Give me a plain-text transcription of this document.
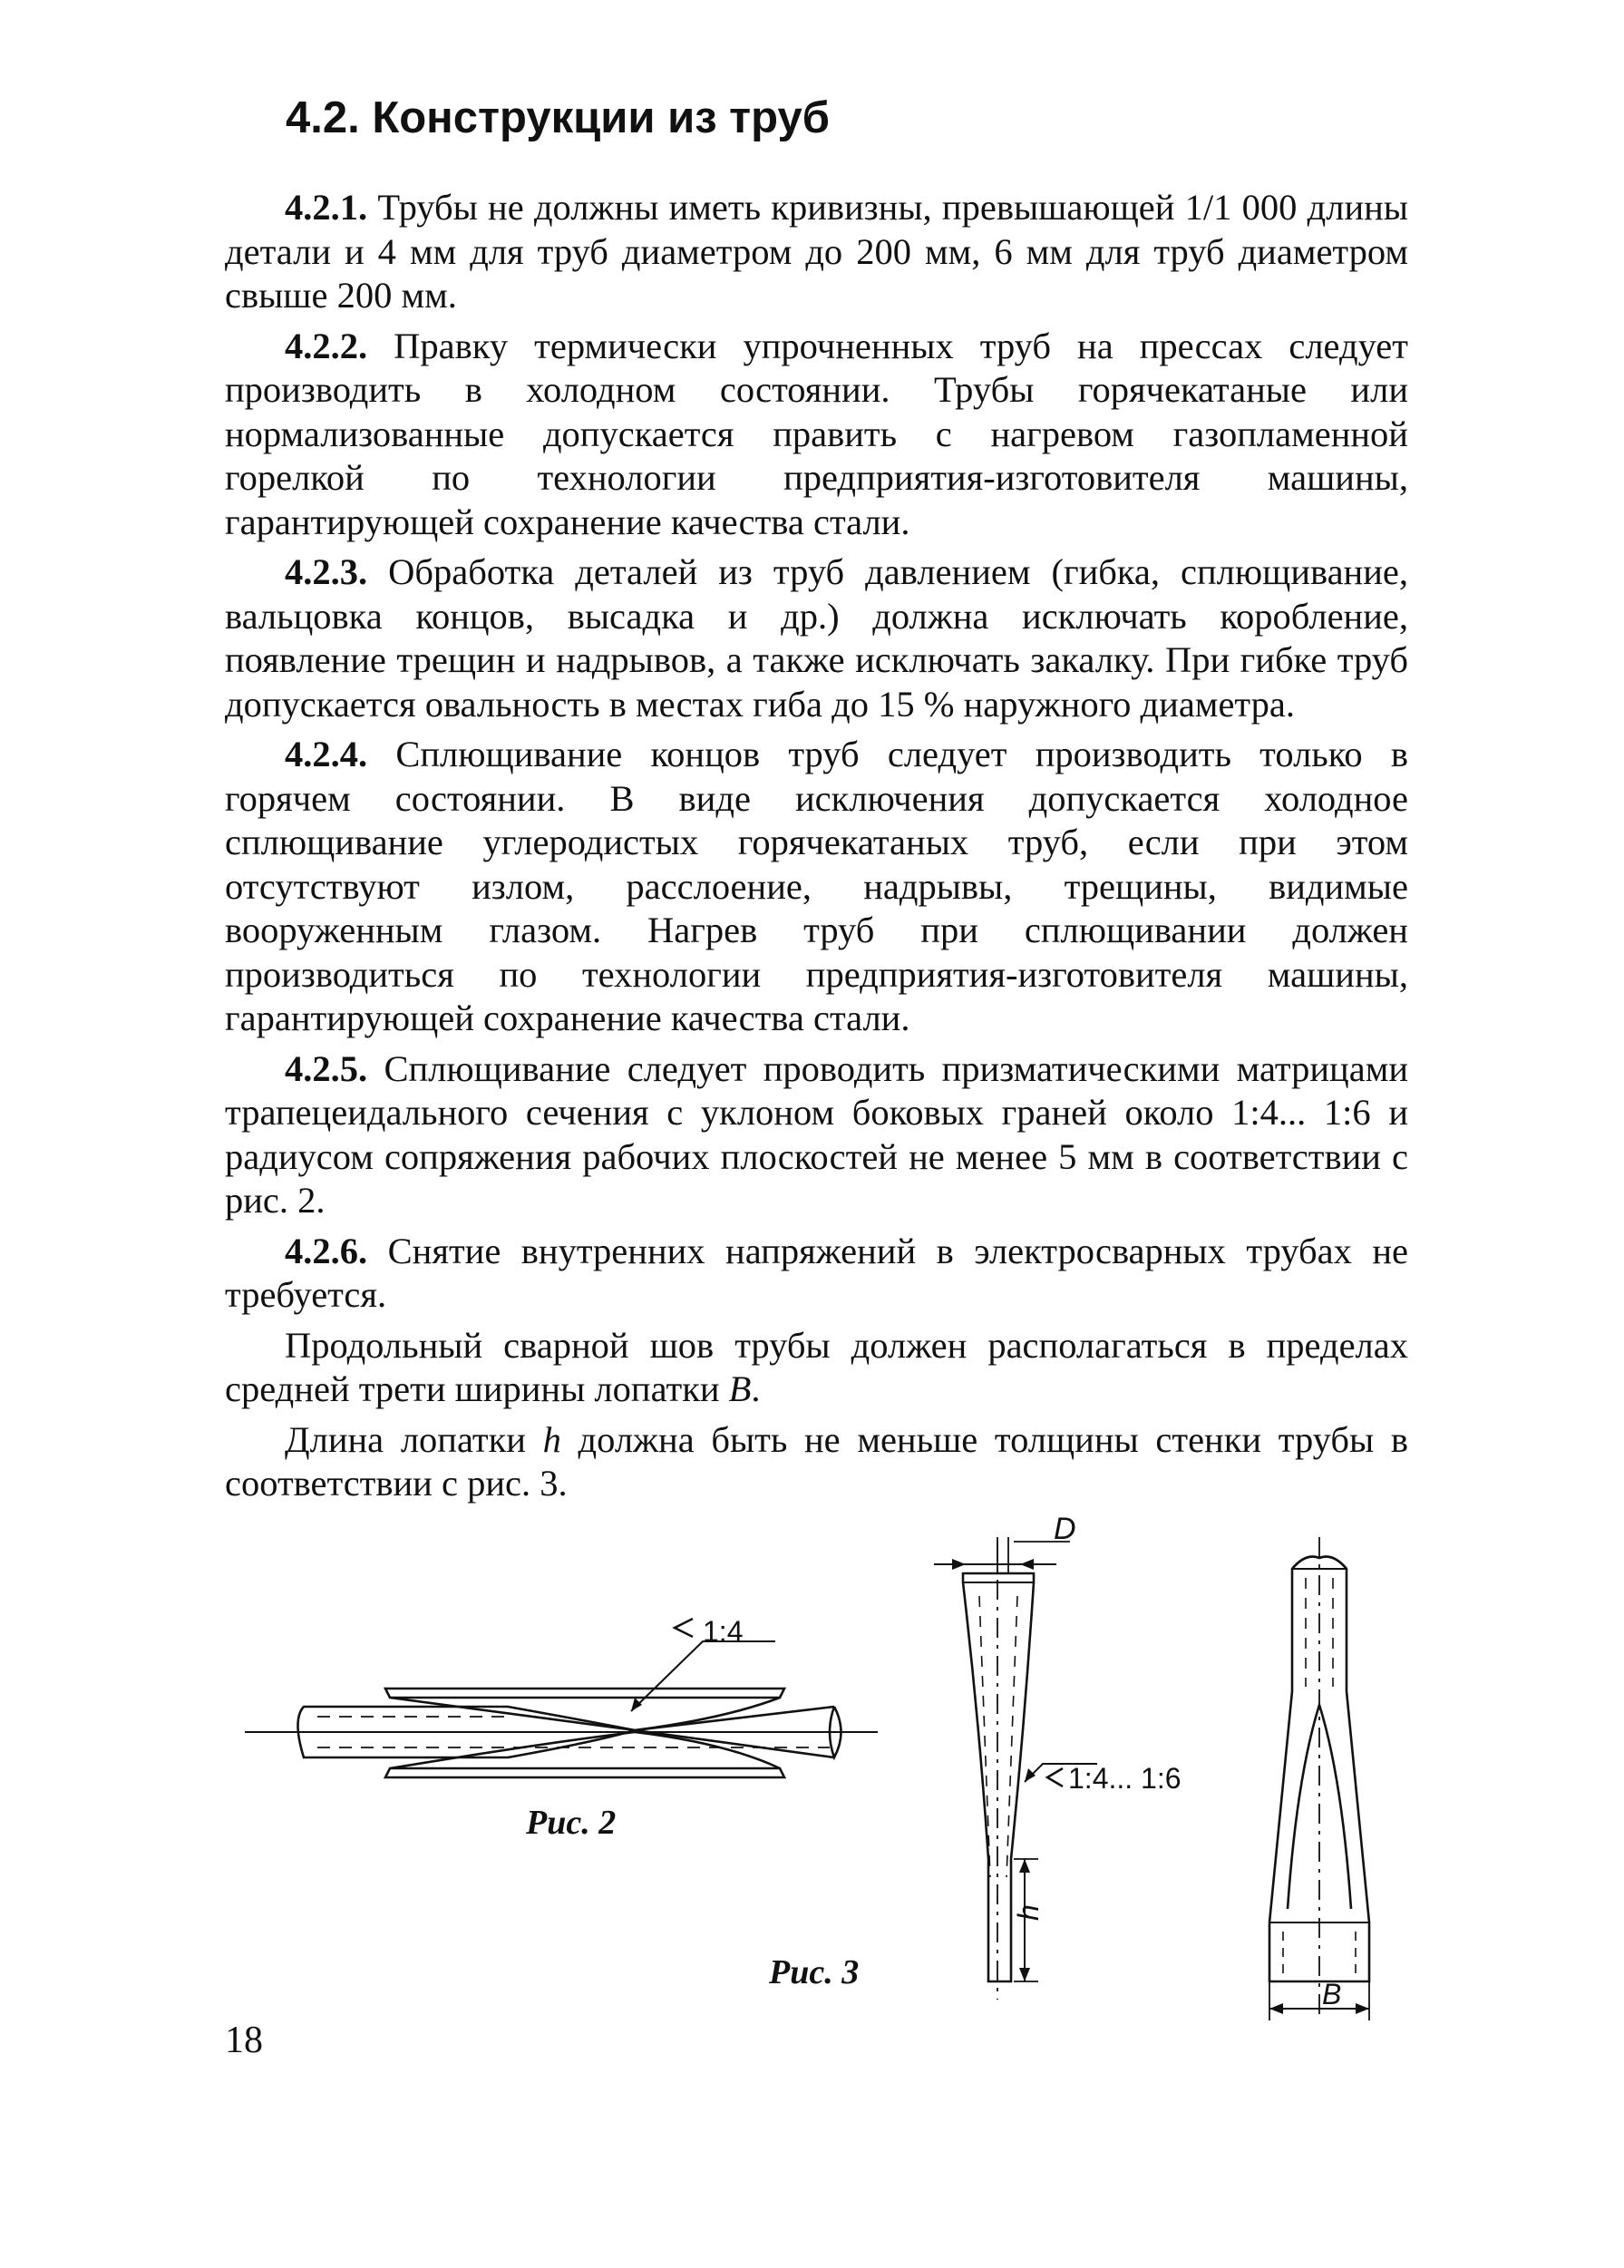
4.2. Конструкции из труб

4.2.1. Трубы не должны иметь кривизны, превышающей 1/1 000 длины детали и 4 мм для труб диаметром до 200 мм, 6 мм для труб диаметром свыше 200 мм.

4.2.2. Правку термически упрочненных труб на прессах следует производить в холодном состоянии. Трубы горячекатаные или нормализованные допускается править с нагревом газопламенной горелкой по технологии предприятия-изготовителя машины, гарантирующей сохранение качества стали.

4.2.3. Обработка деталей из труб давлением (гибка, сплющивание, вальцовка концов, высадка и др.) должна исключать коробление, появление трещин и надрывов, а также исключать закалку. При гибке труб допускается овальность в местах гиба до 15 % наружного диаметра.

4.2.4. Сплющивание концов труб следует производить только в горячем состоянии. В виде исключения допускается холодное сплющивание углеродистых горячекатаных труб, если при этом отсутствуют излом, расслоение, надрывы, трещины, видимые вооруженным глазом. Нагрев труб при сплющивании должен производиться по технологии предприятия-изготовителя машины, гарантирующей сохранение качества стали.

4.2.5. Сплющивание следует проводить призматическими матрицами трапецеидального сечения с уклоном боковых граней около 1:4... 1:6 и радиусом сопряжения рабочих плоскостей не менее 5 мм в соответствии с рис. 2.

4.2.6. Снятие внутренних напряжений в электросварных трубах не требуется.

Продольный сварной шов трубы должен располагаться в пределах средней трети ширины лопатки B.

Длина лопатки h должна быть не меньше толщины стенки трубы в соответствии с рис. 3.

1:4
Рис. 2
D
1:4... 1:6
h
Рис. 3
B
18
